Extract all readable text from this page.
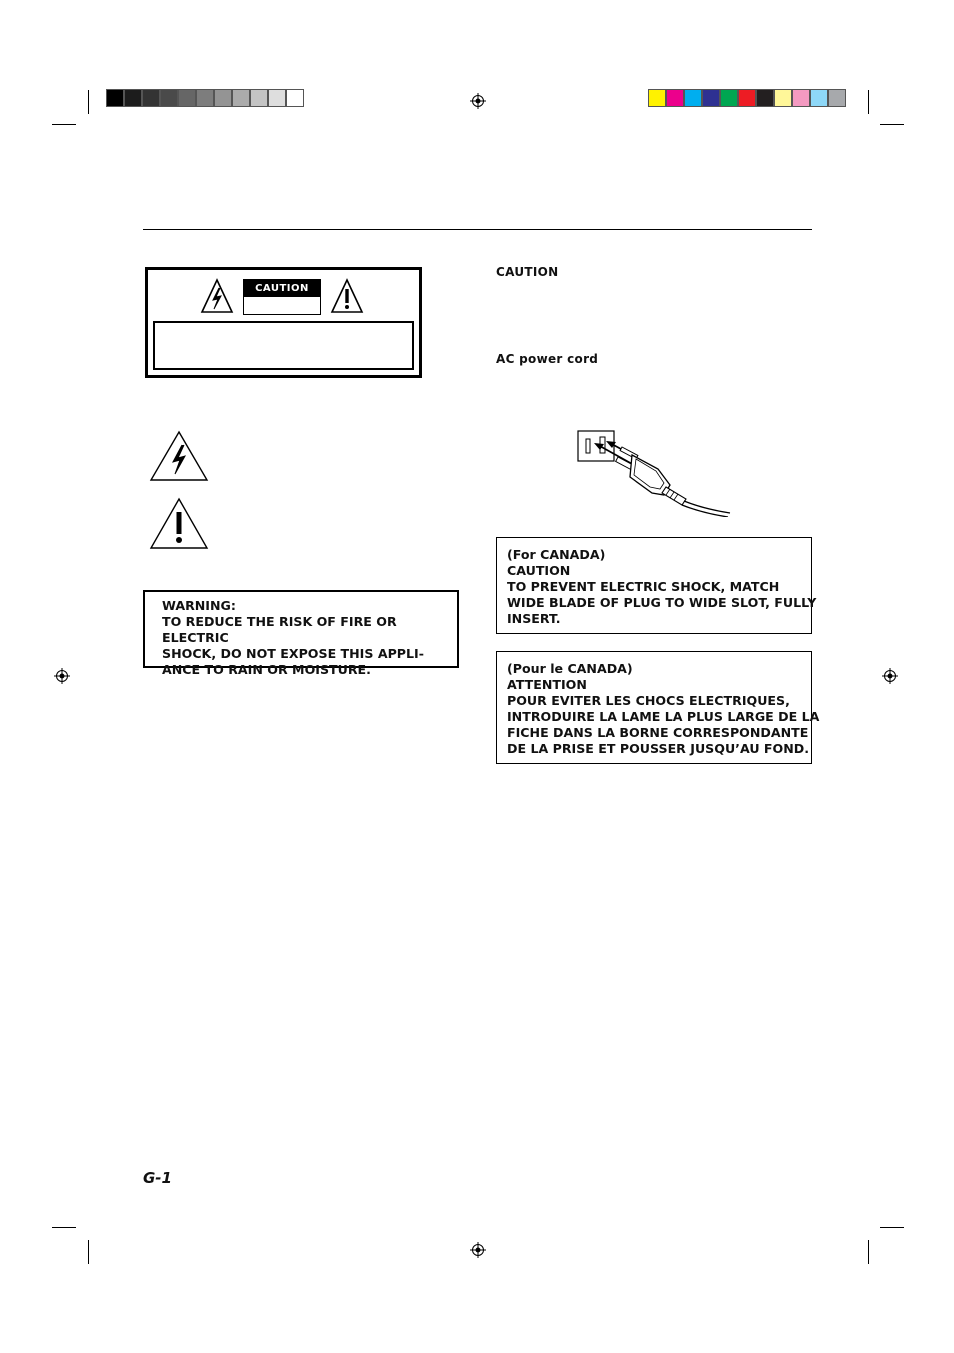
CAUTION
WARNING:
TO REDUCE THE RISK OF FIRE OR ELECTRIC
SHOCK, DO NOT EXPOSE THIS APPLI-
ANCE TO RAIN OR MOISTURE.
CAUTION
AC power cord
(For CANADA)
CAUTION
TO PREVENT ELECTRIC SHOCK, MATCH
WIDE BLADE OF PLUG TO WIDE SLOT, FULLY
INSERT.
(Pour le CANADA)
ATTENTION
POUR EVITER LES CHOCS ELECTRIQUES,
INTRODUIRE LA LAME LA PLUS LARGE DE LA
FICHE DANS LA BORNE CORRESPONDANTE
DE LA PRISE ET POUSSER JUSQU’AU FOND.
G-1
